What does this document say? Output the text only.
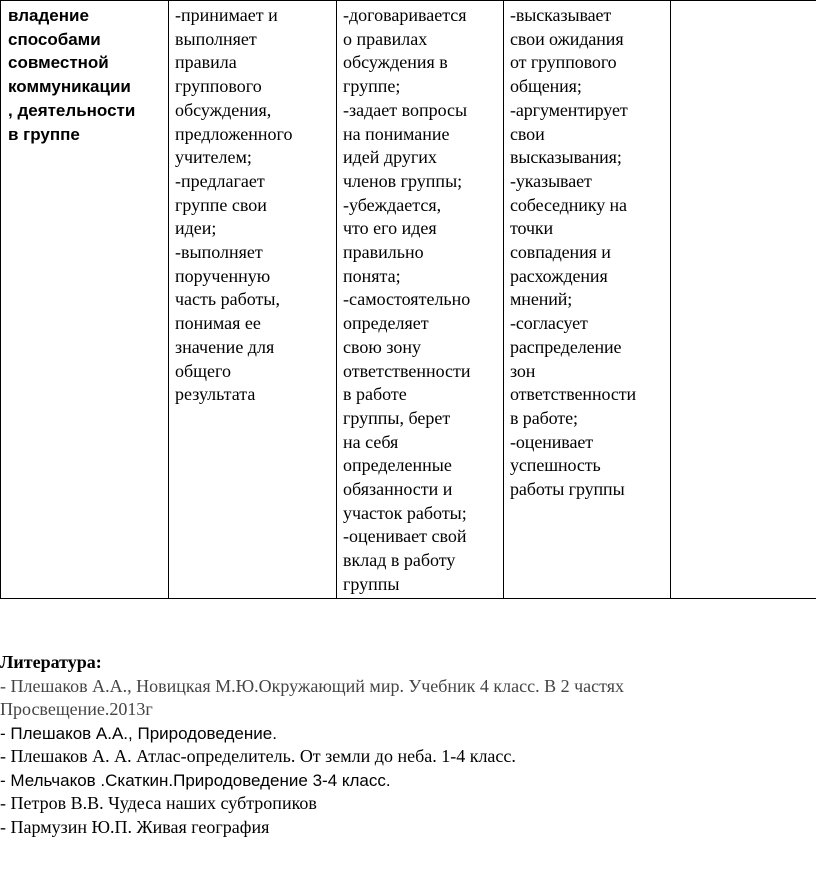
владение
способами
совместной
коммуникации
, деятельности
в группе

-принимает и
выполняет
правила
группового
обсуждения,
предложенного
учителем;
-предлагает
группе свои
идеи;
-выполняет
порученную
часть работы,
понимая ее
значение для
общего
результата

-договаривается
о правилах
обсуждения в
группе;
-задает вопросы
на понимание
идей других
членов группы;
-убеждается,
что его идея
правильно
понята;
-самостоятельно
определяет
свою зону
ответственности
в работе
группы, берет
на себя
определенные
обязанности и
участок работы;
-оценивает свой
вклад в работу
группы

-высказывает
свои ожидания
от группового
общения;
-аргументирует
свои
высказывания;
-указывает
собеседнику на
точки
совпадения и
расхождения
мнений;
-согласует
распределение
зон
ответственности
в работе;
-оценивает
успешность
работы группы

Литература:
- Плешаков А.А., Новицкая М.Ю.Окружающий мир. Учебник 4 класс. В 2 частях
Просвещение.2013г
- Плешаков А.А., Природоведение.
- Плешаков А. А. Атлас-определитель. От земли до неба. 1-4 класс.
- Мельчаков .Скаткин.Природоведение 3-4 класс.
- Петров В.В. Чудеса наших субтропиков
- Пармузин Ю.П. Живая география
